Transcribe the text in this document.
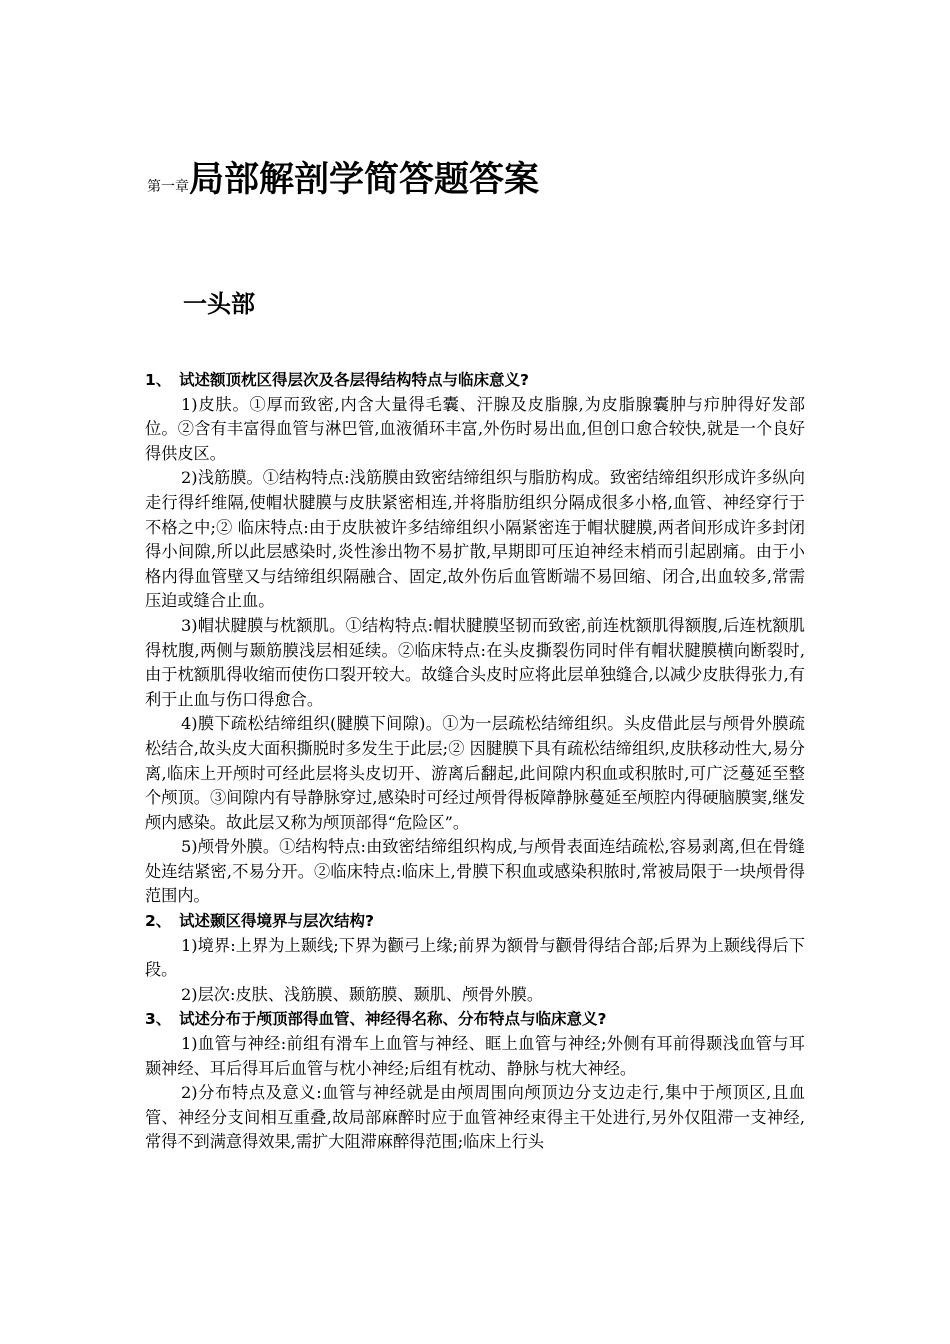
第一章局部解剖学简答题答案
一头部
1、 试述额顶枕区得层次及各层得结构特点与临床意义?

1)皮肤。①厚而致密,内含大量得毛囊、汗腺及皮脂腺,为皮脂腺囊肿与疖肿得好发部位。②含有丰富得血管与淋巴管,血液循环丰富,外伤时易出血,但创口愈合较快,就是一个良好得供皮区。

2)浅筋膜。①结构特点:浅筋膜由致密结缔组织与脂肪构成。致密结缔组织形成许多纵向走行得纤维隔,使帽状腱膜与皮肤紧密相连,并将脂肪组织分隔成很多小格,血管、神经穿行于不格之中;② 临床特点:由于皮肤被许多结缔组织小隔紧密连于帽状腱膜,两者间形成许多封闭得小间隙,所以此层感染时,炎性渗出物不易扩散,早期即可压迫神经末梢而引起剧痛。由于小格内得血管壁又与结缔组织隔融合、固定,故外伤后血管断端不易回缩、闭合,出血较多,常需压迫或缝合止血。

3)帽状腱膜与枕额肌。①结构特点:帽状腱膜坚韧而致密,前连枕额肌得额腹,后连枕额肌得枕腹,两侧与颞筋膜浅层相延续。②临床特点:在头皮撕裂伤同时伴有帽状腱膜横向断裂时,由于枕额肌得收缩而使伤口裂开较大。故缝合头皮时应将此层单独缝合,以减少皮肤得张力,有利于止血与伤口得愈合。

4)膜下疏松结缔组织(腱膜下间隙)。①为一层疏松结缔组织。头皮借此层与颅骨外膜疏松结合,故头皮大面积撕脱时多发生于此层;② 因腱膜下具有疏松结缔组织,皮肤移动性大,易分离,临床上开颅时可经此层将头皮切开、游离后翻起,此间隙内积血或积脓时,可广泛蔓延至整个颅顶。③间隙内有导静脉穿过,感染时可经过颅骨得板障静脉蔓延至颅腔内得硬脑膜窦,继发颅内感染。故此层又称为颅顶部得“危险区”。

5)颅骨外膜。①结构特点:由致密结缔组织构成,与颅骨表面连结疏松,容易剥离,但在骨缝处连结紧密,不易分开。②临床特点:临床上,骨膜下积血或感染积脓时,常被局限于一块颅骨得范围内。

2、 试述颞区得境界与层次结构?

1)境界:上界为上颞线;下界为颧弓上缘;前界为额骨与颧骨得结合部;后界为上颞线得后下段。

2)层次:皮肤、浅筋膜、颞筋膜、颞肌、颅骨外膜。

3、 试述分布于颅顶部得血管、神经得名称、分布特点与临床意义?

1)血管与神经:前组有滑车上血管与神经、眶上血管与神经;外侧有耳前得颞浅血管与耳颞神经、耳后得耳后血管与枕小神经;后组有枕动、静脉与枕大神经。

2)分布特点及意义:血管与神经就是由颅周围向颅顶边分支边走行,集中于颅顶区,且血管、神经分支间相互重叠,故局部麻醉时应于血管神经束得主干处进行,另外仅阻滞一支神经,常得不到满意得效果,需扩大阻滞麻醉得范围;临床上行头
